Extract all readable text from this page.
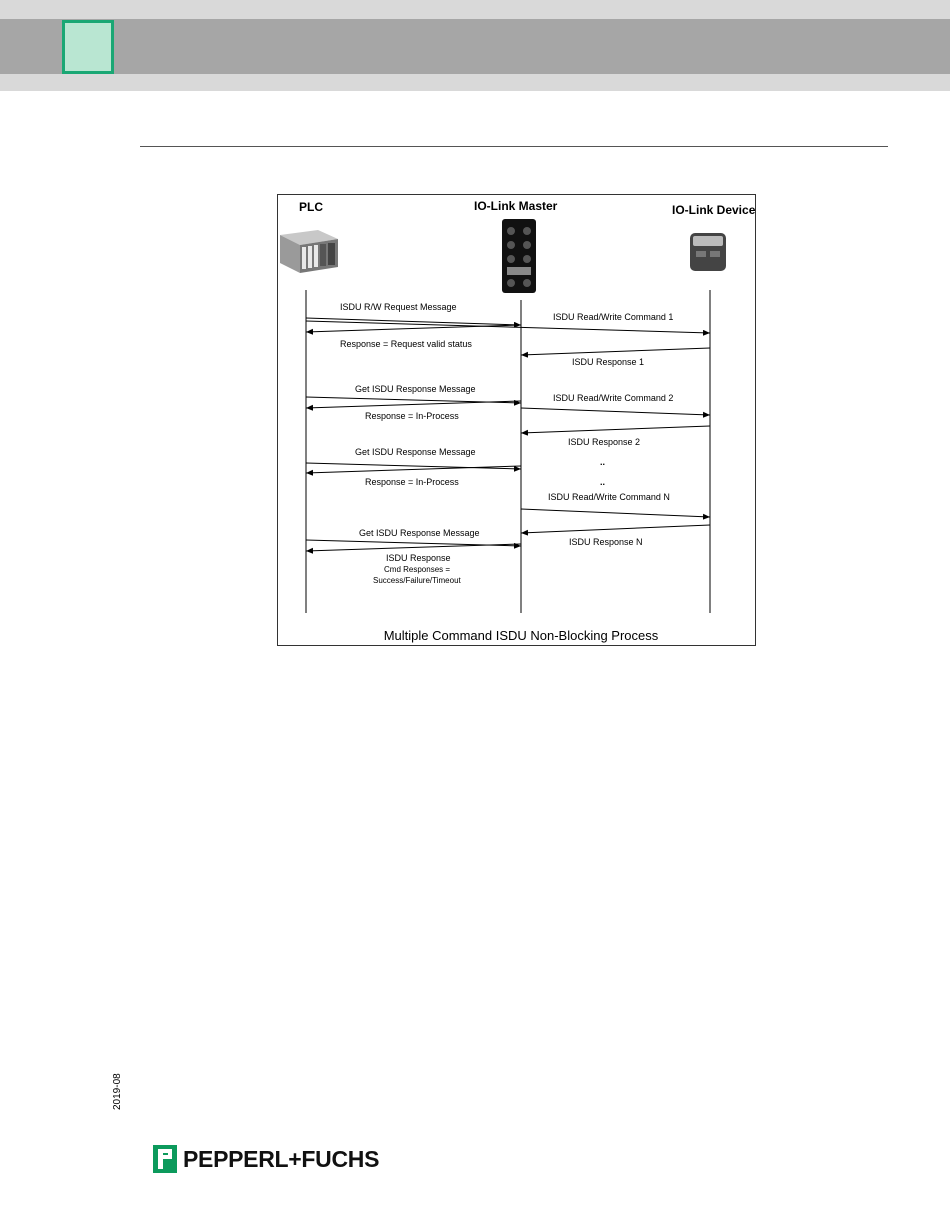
PLC	IO-Link Master	IO-Link Device
ISDU R/W Request Message
ISDU Read/Write Command 1
Response = Request valid status
ISDU Response 1
Get ISDU Response Message
ISDU Read/Write Command 2
Response = In-Process
ISDU Response 2
Get ISDU Response Message
..
Response = In-Process	..
ISDU Read/Write Command N
Get ISDU Response Message
ISDU Response N
ISDU Response
Cmd Responses =
Success/Failure/Timeout
Multiple Command ISDU Non-Blocking Process
2019-08
PEPPERL+FUCHS
